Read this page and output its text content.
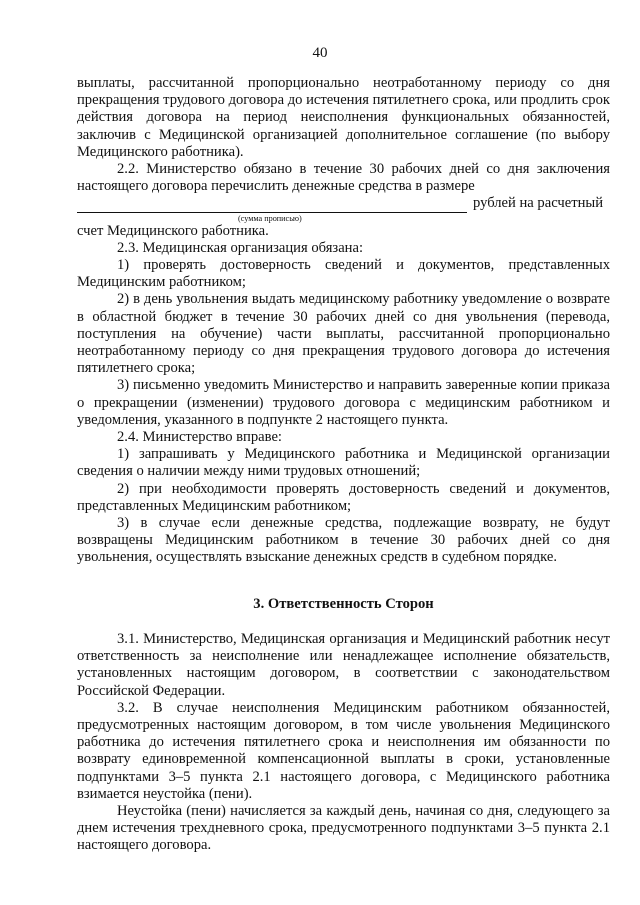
40

выплаты, рассчитанной пропорционально неотработанному периоду со дня прекращения трудового договора до истечения пятилетнего срока, или продлить срок действия договора на период неисполнения функциональных обязанностей, заключив с Медицинской организацией дополнительное соглашение (по выбору Медицинского работника).

2.2. Министерство обязано в течение 30 рабочих дней со дня заключения настоящего договора перечислить денежные средства в размере

рублей на расчетный

(сумма прописью)

счет Медицинского работника.

2.3. Медицинская организация обязана:

1) проверять достоверность сведений и документов, представленных Медицинским работником;

2) в день увольнения выдать медицинскому работнику уведомление о возврате в областной бюджет в течение 30 рабочих дней со дня увольнения (перевода, поступления на обучение) части выплаты, рассчитанной пропорционально неотработанному периоду со дня прекращения трудового договора до истечения пятилетнего срока;

3) письменно уведомить Министерство и направить заверенные копии приказа о прекращении (изменении) трудового договора с медицинским работником и уведомления, указанного в подпункте 2 настоящего пункта.

2.4. Министерство вправе:

1) запрашивать у Медицинского работника и Медицинской организации сведения о наличии между ними трудовых отношений;

2) при необходимости проверять достоверность сведений и документов, представленных Медицинским работником;

3) в случае если денежные средства, подлежащие возврату, не будут возвращены Медицинским работником в течение 30 рабочих дней со дня увольнения, осуществлять взыскание денежных средств в судебном порядке.

3. Ответственность Сторон

3.1. Министерство, Медицинская организация и Медицинский работник несут ответственность за неисполнение или ненадлежащее исполнение обязательств, установленных настоящим договором, в соответствии с законодательством Российской Федерации.

3.2. В случае неисполнения Медицинским работником обязанностей, предусмотренных настоящим договором, в том числе увольнения Медицинского работника до истечения пятилетнего срока и неисполнения им обязанности по возврату единовременной компенсационной выплаты в сроки, установленные подпунктами 3–5 пункта 2.1 настоящего договора, с Медицинского работника взимается неустойка (пени).

Неустойка (пени) начисляется за каждый день, начиная со дня, следующего за днем истечения трехдневного срока, предусмотренного подпунктами 3–5 пункта 2.1 настоящего договора.
